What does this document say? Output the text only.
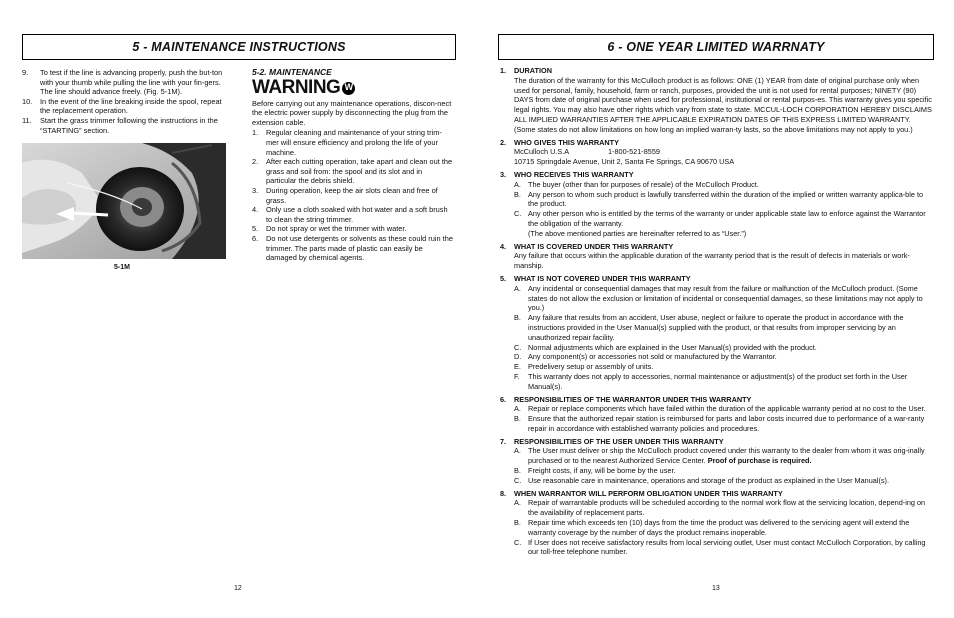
5 - MAINTENANCE INSTRUCTIONS
9.	To test if the line is advancing properly, push the but-ton with your thumb while pulling the line with your fin-gers. The line should advance freely. (Fig. 5-1M).
10.	In the event of the line breaking inside the spool, repeat the replacement operation.
11.	Start the grass trimmer following the instructions in the “STARTING” section.
5-1M
5-2. MAINTENANCE
WARNING W
Before carrying out any maintenance operations, discon-nect the electric power supply by disconnecting the plug from the extension cable.
1.	Regular cleaning and maintenance of your string trim-mer will ensure efficiency and prolong the life of your machine.
2.	After each cutting operation, take apart and clean out the grass and soil from: the spool and its slot and in particular the debris shield.
3.	During operation, keep the air slots clean and free of grass.
4.	Only use a cloth soaked with hot water and a soft brush to clean the string trimmer.
5.	Do not spray or wet the trimmer with water.
6.	Do not use detergents or solvents as these could ruin the trimmer. The parts made of plastic can easily be damaged by chemical agents.
12
6 - ONE YEAR LIMITED WARRNATY
1.	DURATION
The duration of the warranty for this McCulloch product is as follows: ONE (1) YEAR from date of original purchase only when used for personal, family, household, farm or ranch, purposes, provided the unit is not used for rental purposes; NINETY (90) DAYS from date of original purchase when used for professional, institutional or rental purpos-es. This warranty gives you specific legal rights. You may also have other rights which vary from state to state. MCCUL-LOCH CORPORATION HEREBY DISCLAIMS ALL IMPLIED WARRANTIES AFTER THE APPLICABLE EXPIRATION DATES OF THIS EXPRESS LIMITED WARRANTY. (Some states do not allow limitations on how long an implied warran-ty lasts, so the above limitations may not apply to you.)
2.	WHO GIVES THIS WARRANTY
McCulloch U.S.A	1-800-521-8559
10715 Springdale Avenue, Unit 2, Santa Fe Springs, CA 90670 USA
3.	WHO RECEIVES THIS WARRANTY
A. The buyer (other than for purposes of resale) of the McCulloch Product.
B. Any person to whom such product is lawfully transferred within the duration of the implied or written warranty applica-ble to the product.
C. Any other person who is entitled by the terms of the warranty or under applicable state law to enforce against the Warrantor the obligation of the warranty.
(The above mentioned parties are hereinafter referred to as “User.”)
4.	WHAT IS COVERED UNDER THIS WARRANTY
Any failure that occurs within the applicable duration of the warranty period that is the result of defects in materials or work-manship.
5.	WHAT IS NOT COVERED UNDER THIS WARRANTY
A. Any incidental or consequential damages that may result from the failure or malfunction of the McCulloch product. (Some states do not allow the exclusion or limitation of incidental or consequential damages, so these limitations may not apply to you.)
B. Any failure that results from an accident, User abuse, neglect or failure to operate the product in accordance with the instructions provided in the User Manual(s) supplied with the product, or that results from improper servicing by an unauthorized repair facility.
C. Normal adjustments which are explained in the User Manual(s) provided with the product.
D. Any component(s) or accessories not sold or manufactured by the Warrantor.
E. Predelivery setup or assembly of units.
F.	This warranty does not apply to accessories, normal maintenance or adjustment(s) of the product set forth in the User Manual(s).
6.	RESPONSIBILITIES OF THE WARRANTOR UNDER THIS WARRANTY
A. Repair or replace components which have failed within the duration of the applicable warranty period at no cost to the User.
B. Ensure that the authorized repair station is reimbursed for parts and labor costs incurred due to performance of a war-ranty repair in accordance with established warranty policies and procedures.
7.	RESPONSIBILITIES OF THE USER UNDER THIS WARRANTY
A. The User must deliver or ship the McCulloch product covered under this warranty to the dealer from whom it was orig-inally purchased or to the nearest Authorized Service Center. Proof of purchase is required.
B. Freight costs, if any, will be borne by the user.
C. Use reasonable care in maintenance, operations and storage of the product as explained in the User Manual(s).
8.	WHEN WARRANTOR WILL PERFORM OBLIGATION UNDER THIS WARRANTY
A. Repair of warrantable products will be scheduled according to the normal work flow at the servicing location, depend-ing on the availability of replacement parts.
B. Repair time which exceeds ten (10) days from the time the product was delivered to the servicing agent will extend the warranty coverage by the number of days the product remains inoperable.
C. If User does not receive satisfactory results from local servicing outlet, User must contact McCulloch Corporation, by calling our toll-free telephone number.
13
